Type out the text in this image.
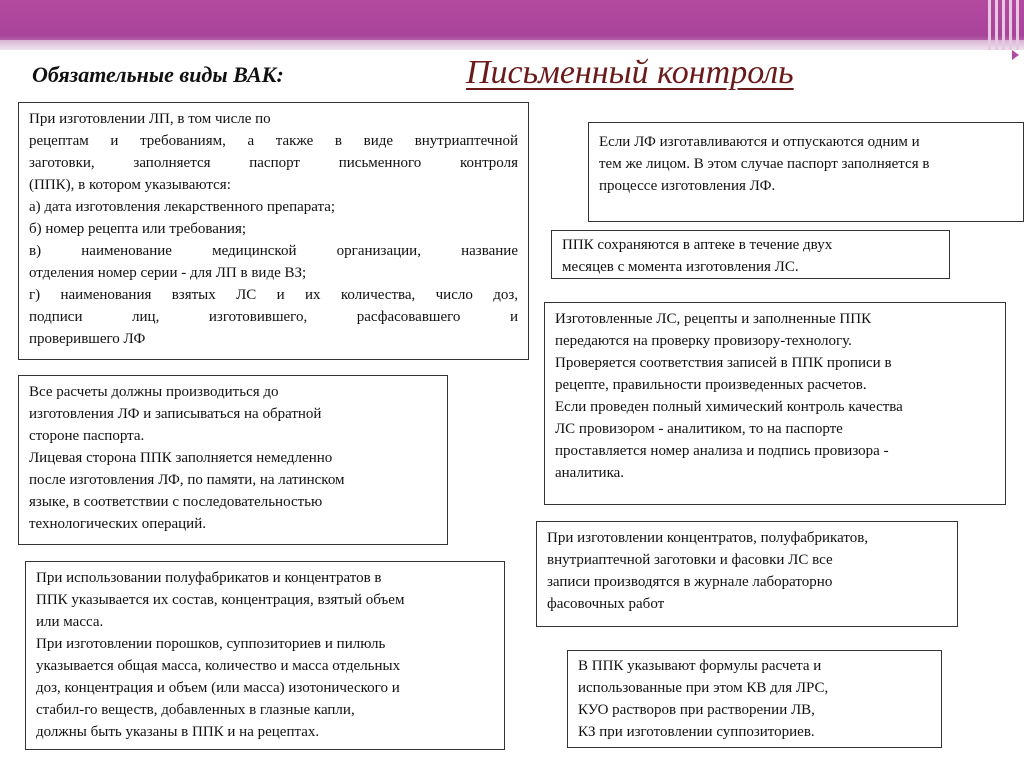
Обязательные виды ВАК:	Письменный контроль

При изготовлении ЛП, в том числе по

рецептам и требованиям, а также в виде внутриаптечной

заготовки, заполняется паспорт письменного контроля

(ППК), в котором указываются:

а) дата изготовления лекарственного препарата;

б) номер рецепта или требования;

в) наименование медицинской организации, название

отделения номер серии - для ЛП в виде ВЗ;

г) наименования взятых ЛС и их количества, число доз,

подписи лиц, изготовившего, расфасовавшего и

проверившего ЛФ

Все расчеты должны производиться до

изготовления ЛФ и записываться на обратной

стороне паспорта.

Лицевая сторона ППК заполняется немедленно

после изготовления ЛФ, по памяти, на латинском

языке, в соответствии с последовательностью

технологических операций.

При использовании полуфабрикатов и концентратов в

ППК указывается их состав, концентрация, взятый объем

или масса.

При изготовлении порошков, суппозиториев и пилюль

указывается общая масса, количество и масса отдельных

доз, концентрация и объем (или масса) изотонического и

стабил-го веществ, добавленных в глазные капли,

должны быть указаны в ППК и на рецептах.

Если ЛФ изготавливаются и отпускаются одним и

тем же лицом. В этом случае паспорт заполняется в

процессе изготовления ЛФ.

ППК сохраняются в аптеке в течение двух

месяцев с момента изготовления ЛС.

Изготовленные ЛС, рецепты и заполненные ППК

передаются на проверку провизору-технологу.

Проверяется соответствия записей в ППК прописи в

рецепте, правильности произведенных расчетов.

Если проведен полный химический контроль качества

ЛС провизором - аналитиком, то на паспорте

проставляется номер анализа и подпись провизора -

аналитика.

При изготовлении концентратов, полуфабрикатов,

внутриаптечной заготовки и фасовки ЛС все

записи производятся в журнале лабораторно

фасовочных работ

В ППК указывают формулы расчета и

использованные при этом КВ для ЛРС,

КУО растворов при растворении ЛВ,

КЗ при изготовлении суппозиториев.
